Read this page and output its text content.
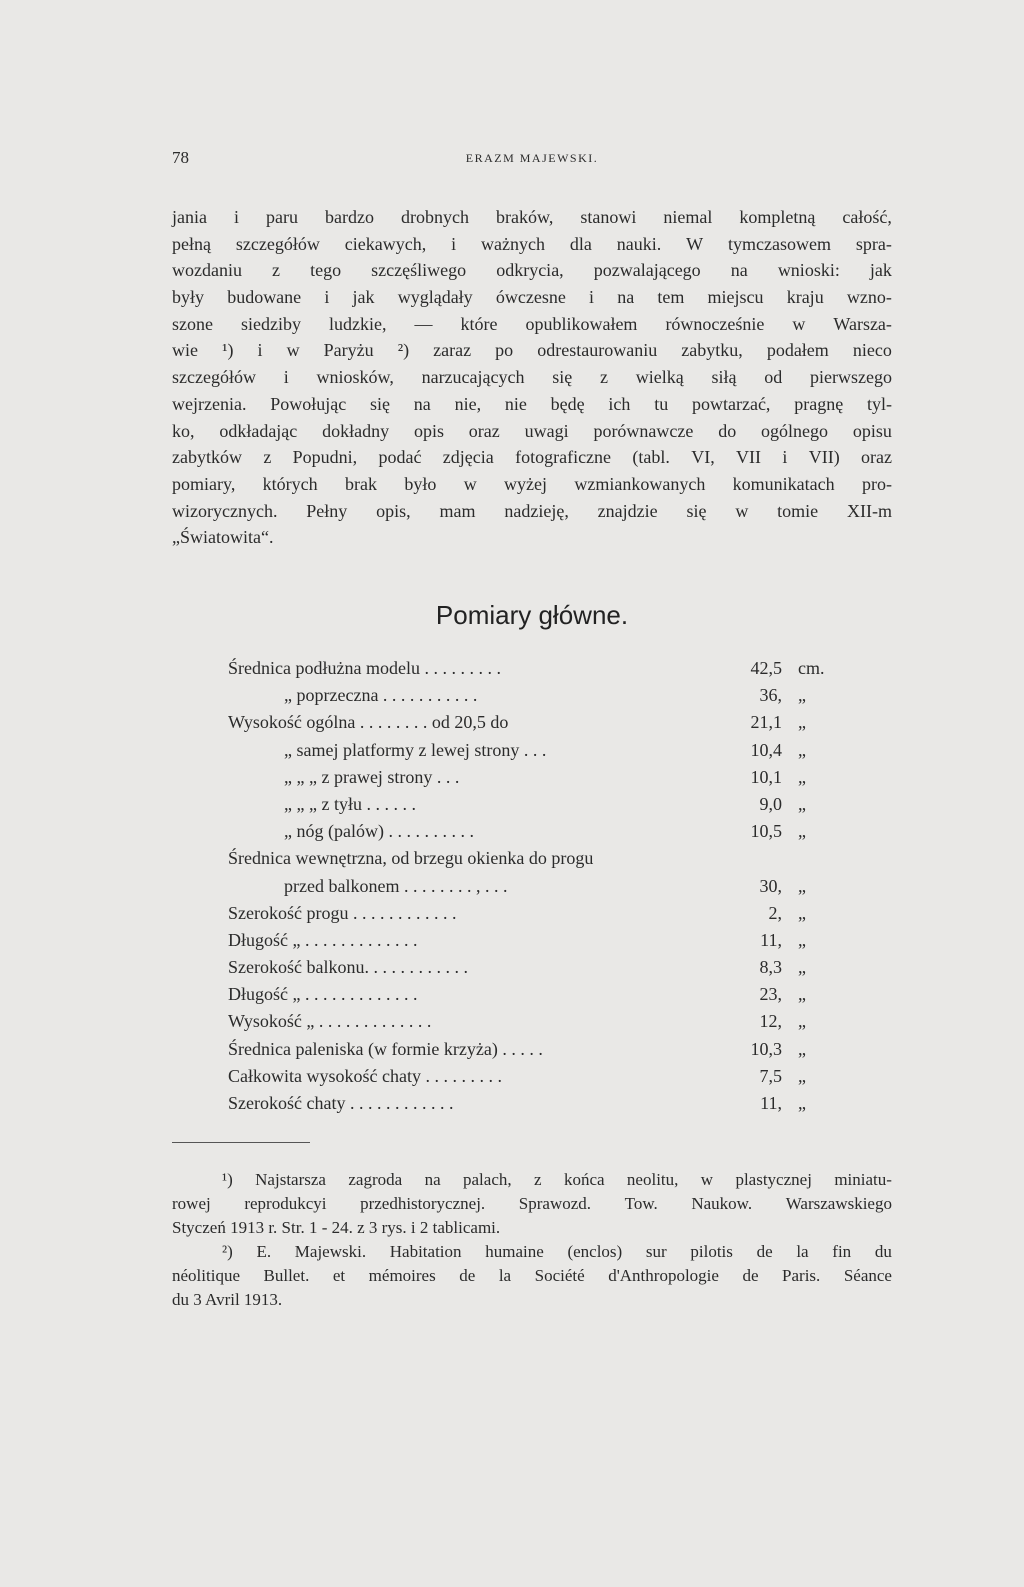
78	ERAZM MAJEWSKI.
jania i paru bardzo drobnych braków, stanowi niemal kompletną całość,
pełną szczegółów ciekawych, i ważnych dla nauki. W tymczasowem spra-
wozdaniu z tego szczęśliwego odkrycia, pozwalającego na wnioski: jak
były budowane i jak wyglądały ówczesne i na tem miejscu kraju wzno-
szone siedziby ludzkie, — które opublikowałem równocześnie w Warsza-
wie ¹) i w Paryżu ²) zaraz po odrestaurowaniu zabytku, podałem nieco
szczegółów i wniosków, narzucających się z wielką siłą od pierwszego
wejrzenia. Powołując się na nie, nie będę ich tu powtarzać, pragnę tyl-
ko, odkładając dokładny opis oraz uwagi porównawcze do ogólnego opisu
zabytków z Popudni, podać zdjęcia fotograficzne (tabl. VI, VII i VII) oraz
pomiary, których brak było w wyżej wzmiankowanych komunikatach pro-
wizorycznych. Pełny opis, mam nadzieję, znajdzie się w tomie XII-m
„Światowita“.
Pomiary główne.
Średnica podłużna modelu . . . . . . . . .	42,5 cm.
„ poprzeczna . . . . . . . . . . .	36, „
Wysokość ogólna . . . . . . . . od 20,5 do	21,1 „
„ samej platformy z lewej strony . . .	10,4 „
„ „ „ z prawej strony . . .	10,1 „
„ „ „ z tyłu . . . . . .	9,0 „
„ nóg (palów) . . . . . . . . . .	10,5 „
Średnica wewnętrzna, od brzegu okienka do progu
przed balkonem . . . . . . . . , . . .	30, „
Szerokość progu . . . . . . . . . . . .	2, „
Długość „ . . . . . . . . . . . . .	11, „
Szerokość balkonu. . . . . . . . . . . .	8,3 „
Długość „ . . . . . . . . . . . . .	23, „
Wysokość „ . . . . . . . . . . . . .	12, „
Średnica paleniska (w formie krzyża) . . . . .	10,3 „
Całkowita wysokość chaty . . . . . . . . .	7,5 „
Szerokość chaty . . . . . . . . . . . .	11, „
¹) Najstarsza zagroda na palach, z końca neolitu, w plastycznej miniatu-
rowej reprodukcyi przedhistorycznej. Sprawozd. Tow. Naukow. Warszawskiego
Styczeń 1913 r. Str. 1 - 24. z 3 rys. i 2 tablicami.
²) E. Majewski. Habitation humaine (enclos) sur pilotis de la fin du
néolitique Bullet. et mémoires de la Société d'Anthropologie de Paris. Séance
du 3 Avril 1913.
